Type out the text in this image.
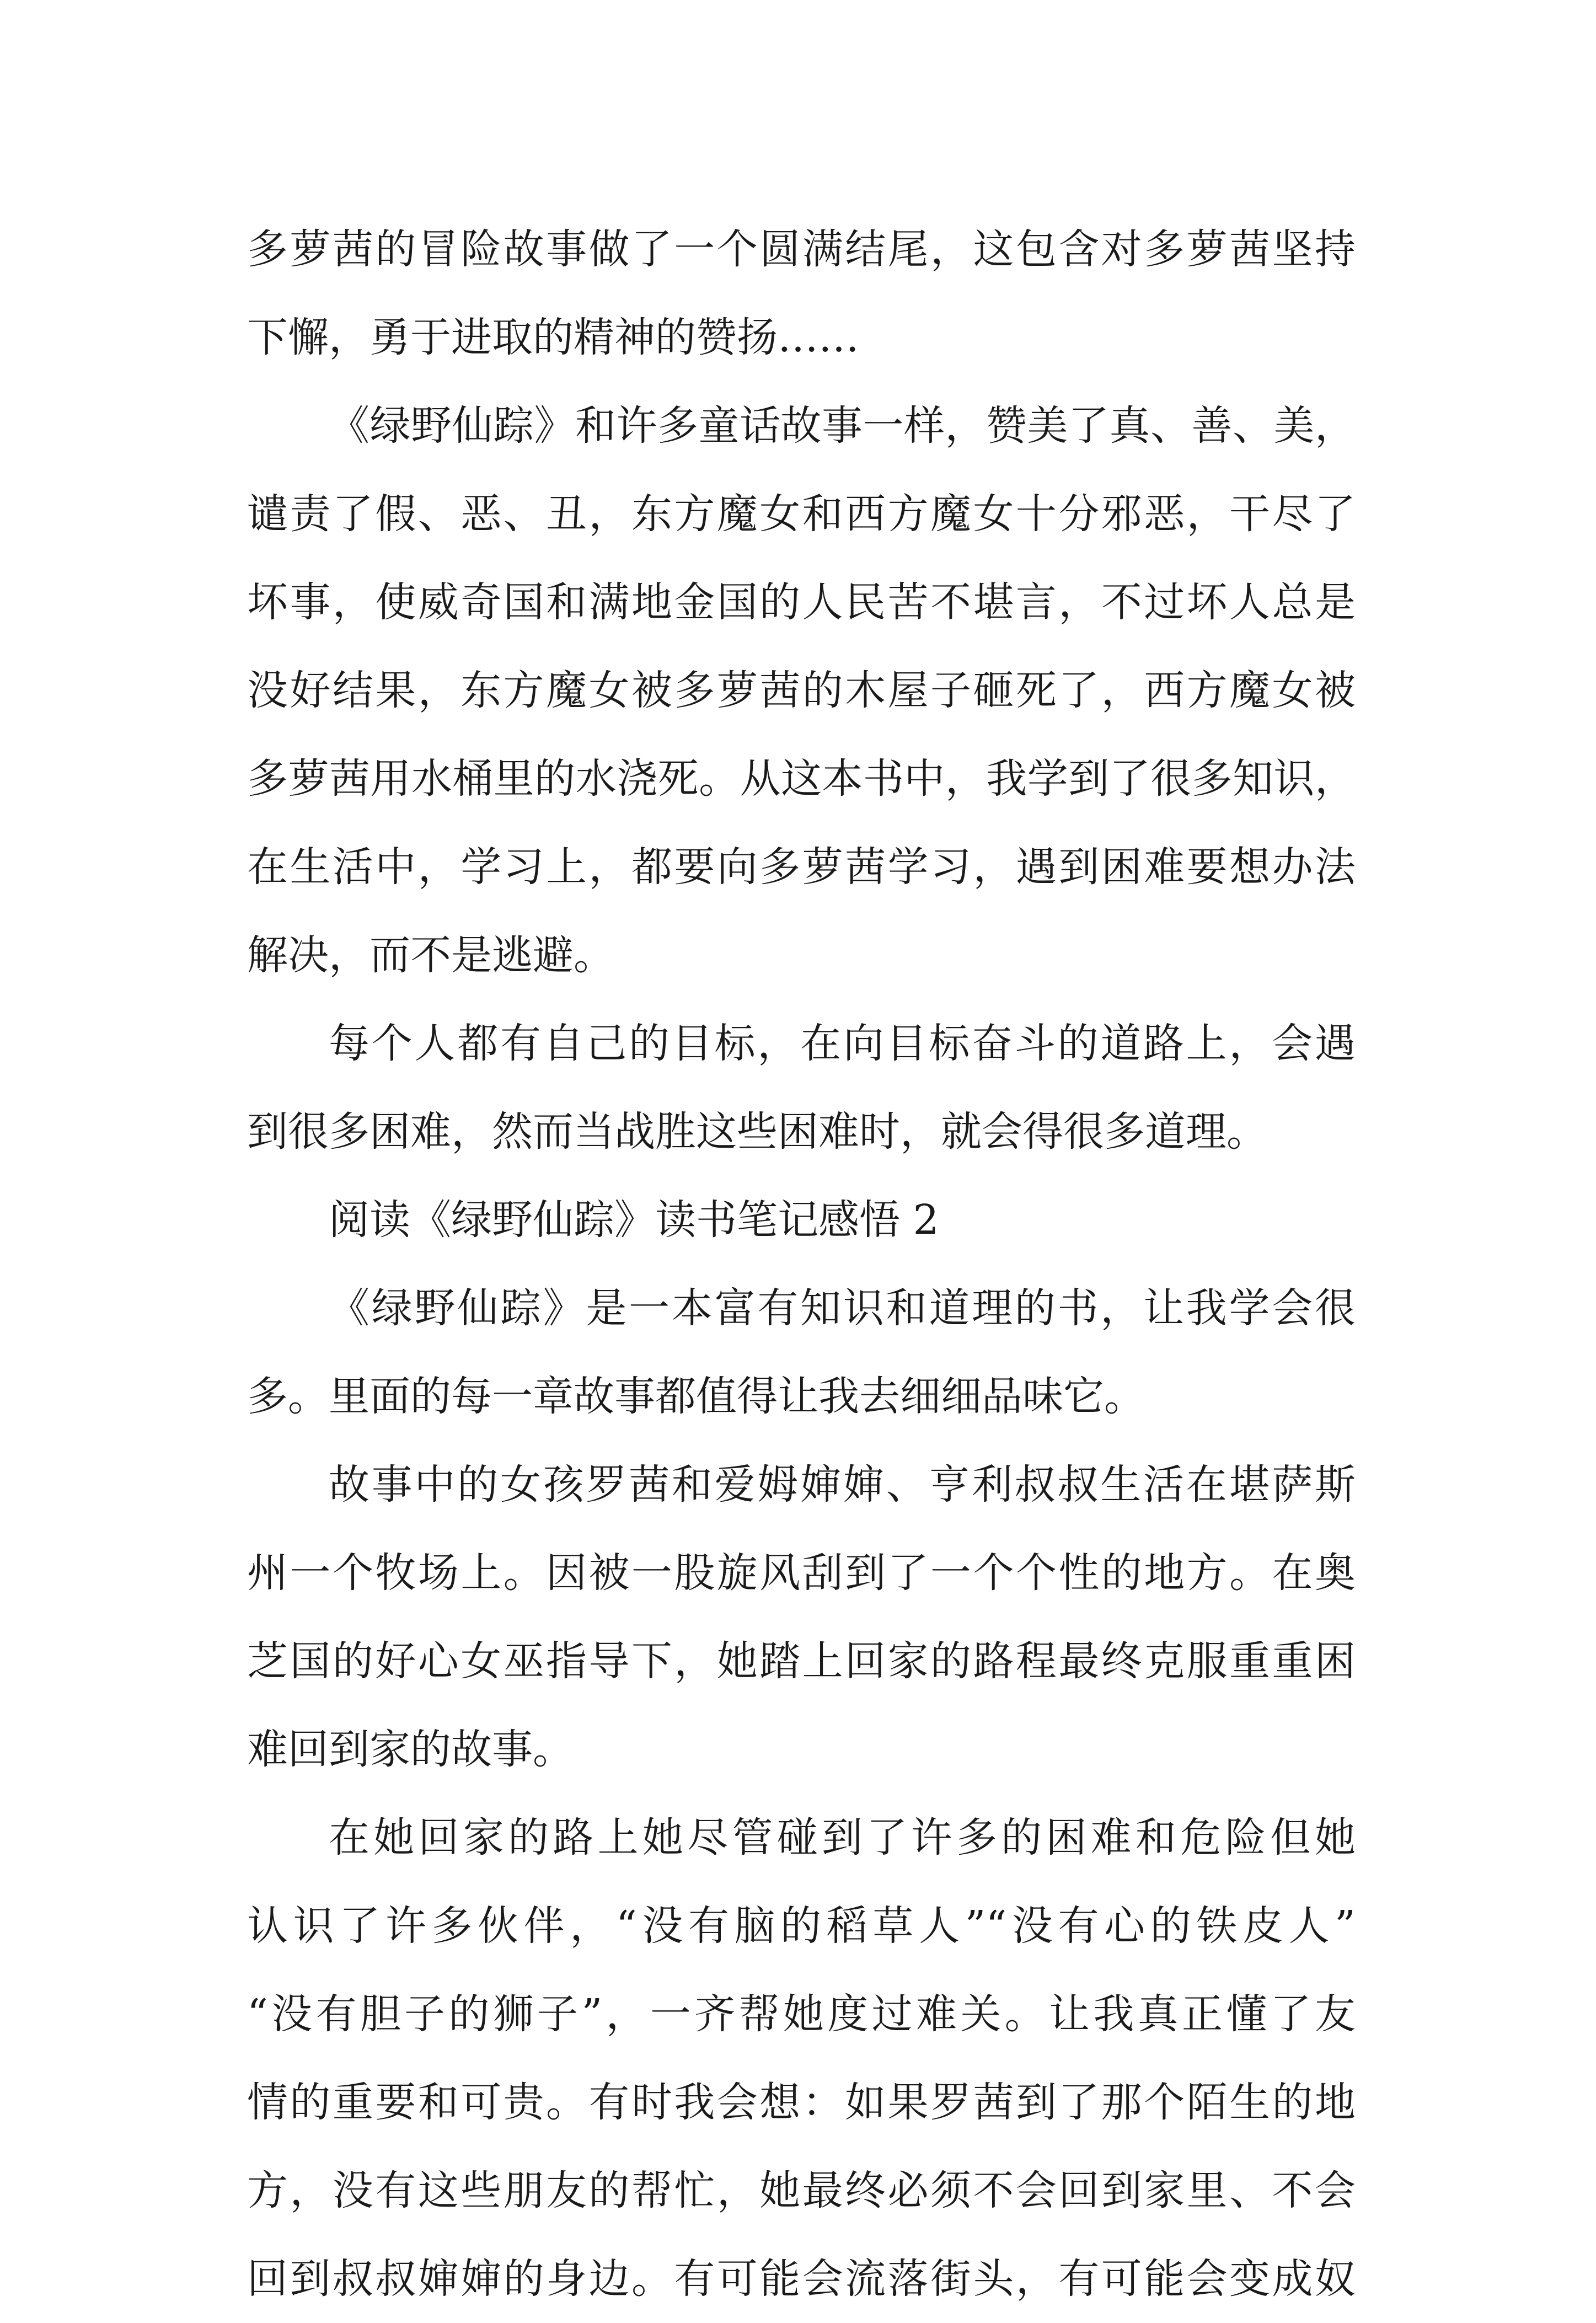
多萝茜的冒险故事做了一个圆满结尾，这包含对多萝茜坚持
下懈，勇于进取的精神的赞扬……
《绿野仙踪》和许多童话故事一样，赞美了真、善、美，
谴责了假、恶、丑，东方魔女和西方魔女十分邪恶，干尽了
坏事，使威奇国和满地金国的人民苦不堪言，不过坏人总是
没好结果，东方魔女被多萝茜的木屋子砸死了，西方魔女被
多萝茜用水桶里的水浇死。从这本书中，我学到了很多知识，
在生活中，学习上，都要向多萝茜学习，遇到困难要想办法
解决，而不是逃避。
每个人都有自己的目标，在向目标奋斗的道路上，会遇
到很多困难，然而当战胜这些困难时，就会得很多道理。
阅读《绿野仙踪》读书笔记感悟 2
《绿野仙踪》是一本富有知识和道理的书，让我学会很
多。里面的每一章故事都值得让我去细细品味它。
故事中的女孩罗茜和爱姆婶婶、亨利叔叔生活在堪萨斯
州一个牧场上。因被一股旋风刮到了一个个性的地方。在奥
芝国的好心女巫指导下，她踏上回家的路程最终克服重重困
难回到家的故事。
在她回家的路上她尽管碰到了许多的困难和危险但她
认识了许多伙伴，“没有脑的稻草人”“没有心的铁皮人”
“没有胆子的狮子”，一齐帮她度过难关。让我真正懂了友
情的重要和可贵。有时我会想：如果罗茜到了那个陌生的地
方，没有这些朋友的帮忙，她最终必须不会回到家里、不会
回到叔叔婶婶的身边。有可能会流落街头，有可能会变成奴
